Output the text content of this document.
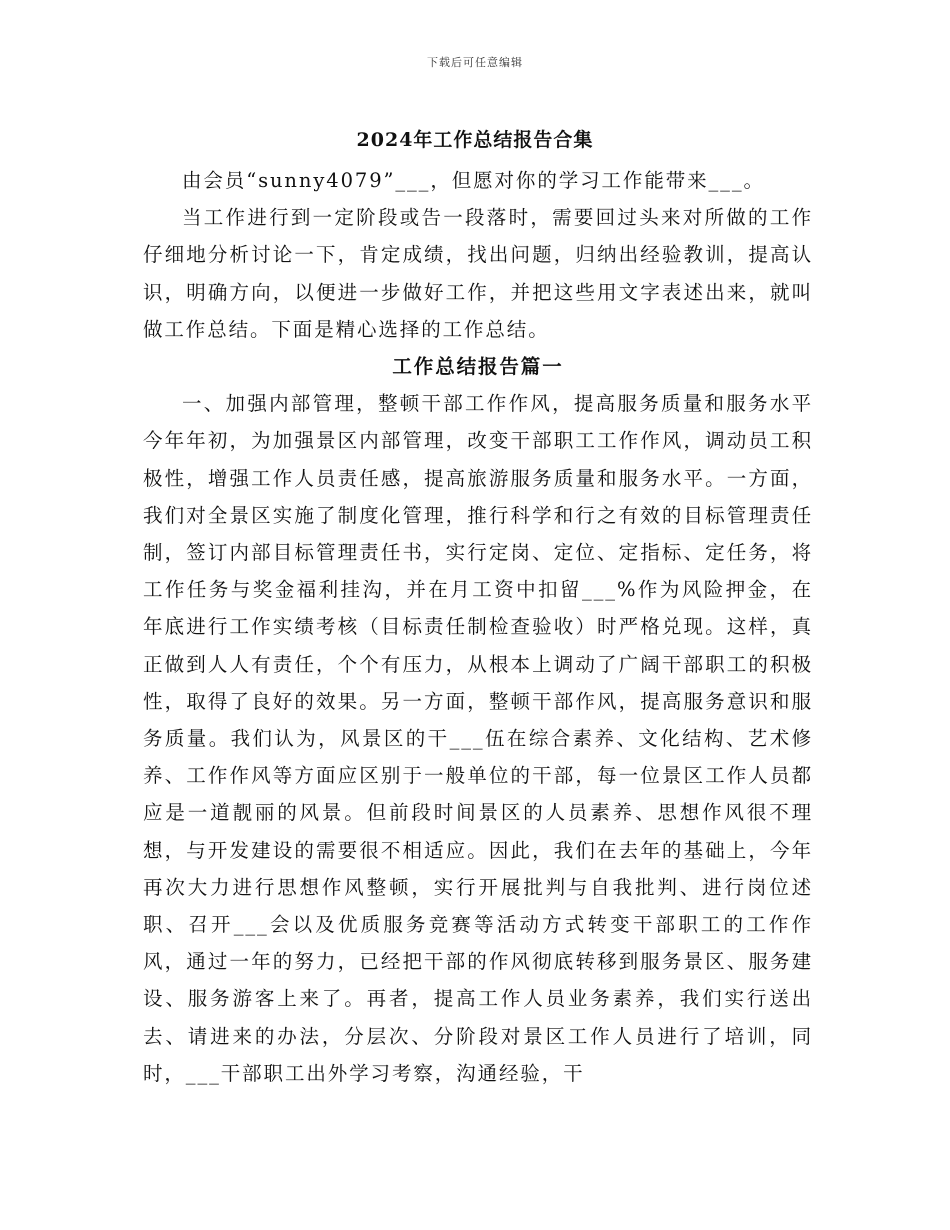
下载后可任意编辑
2024年工作总结报告合集

由会员“sunny4079”___，但愿对你的学习工作能带来___。

当工作进行到一定阶段或告一段落时，需要回过头来对所做的工作仔细地分析讨论一下，肯定成绩，找出问题，归纳出经验教训，提高认识，明确方向，以便进一步做好工作，并把这些用文字表述出来，就叫做工作总结。下面是精心选择的工作总结。

工作总结报告篇一

一、加强内部管理，整顿干部工作作风，提高服务质量和服务水平今年年初，为加强景区内部管理，改变干部职工工作作风，调动员工积极性，增强工作人员责任感，提高旅游服务质量和服务水平。一方面，我们对全景区实施了制度化管理，推行科学和行之有效的目标管理责任制，签订内部目标管理责任书，实行定岗、定位、定指标、定任务，将工作任务与奖金福利挂沟，并在月工资中扣留___%作为风险押金，在年底进行工作实绩考核（目标责任制检查验收）时严格兑现。这样，真正做到人人有责任，个个有压力，从根本上调动了广阔干部职工的积极性，取得了良好的效果。另一方面，整顿干部作风，提高服务意识和服务质量。我们认为，风景区的干___伍在综合素养、文化结构、艺术修养、工作作风等方面应区别于一般单位的干部，每一位景区工作人员都应是一道靓丽的风景。但前段时间景区的人员素养、思想作风很不理想，与开发建设的需要很不相适应。因此，我们在去年的基础上，今年再次大力进行思想作风整顿，实行开展批判与自我批判、进行岗位述职、召开___会以及优质服务竞赛等活动方式转变干部职工的工作作风，通过一年的努力，已经把干部的作风彻底转移到服务景区、服务建设、服务游客上来了。再者，提高工作人员业务素养，我们实行送出去、请进来的办法，分层次、分阶段对景区工作人员进行了培训，同时，___干部职工出外学习考察，沟通经验，干
